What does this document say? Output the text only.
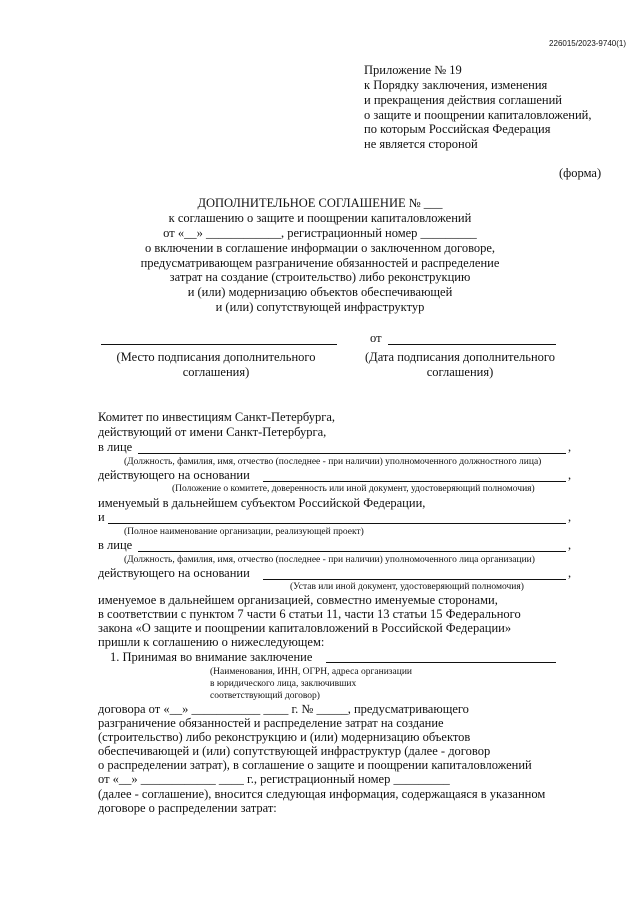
226015/2023-9740(1)
Приложение № 19
к Порядку заключения, изменения
и прекращения действия соглашений
о защите и поощрении капиталовложений,
по которым Российская Федерация
не является стороной
(форма)
ДОПОЛНИТЕЛЬНОЕ СОГЛАШЕНИЕ № ___
к соглашению о защите и поощрении капиталовложений
от «__» ____________, регистрационный номер _________
о включении в соглашение информации о заключенном договоре,
предусматривающем разграничение обязанностей и распределение
затрат на создание (строительство) либо реконструкцию
и (или) модернизацию объектов обеспечивающей
и (или) сопутствующей инфраструктур
от
(Место подписания дополнительного
соглашения)
(Дата подписания дополнительного
соглашения)
Комитет по инвестициям Санкт-Петербурга,
действующий от имени Санкт-Петербурга,
в лице	,
(Должность, фамилия, имя, отчество (последнее - при наличии) уполномоченного должностного лица)
действующего на основании	,
(Положение о комитете, доверенность или иной документ, удостоверяющий полномочия)
именуемый в дальнейшем субъектом Российской Федерации,
и	,
(Полное наименование организации, реализующей проект)
в лице	,
(Должность, фамилия, имя, отчество (последнее - при наличии) уполномоченного лица организации)
действующего на основании	,
(Устав или иной документ, удостоверяющий полномочия)
именуемое в дальнейшем организацией, совместно именуемые сторонами,
в соответствии с пунктом 7 части 6 статьи 11, части 13 статьи 15 Федерального
закона «О защите и поощрении капиталовложений в Российской Федерации»
пришли к соглашению о нижеследующем:
1. Принимая во внимание заключение
(Наименования, ИНН, ОГРН, адреса организации
в юридического лица, заключивших
соответствующий договор)
договора от «__» ___________ ____ г. № _____, предусматривающего
разграничение обязанностей и распределение затрат на создание
(строительство) либо реконструкцию и (или) модернизацию объектов
обеспечивающей и (или) сопутствующей инфраструктур (далее - договор
о распределении затрат), в соглашение о защите и поощрении капиталовложений
от «__» ____________ ____ г., регистрационный номер _________
(далее - соглашение), вносится следующая информация, содержащаяся в указанном
договоре о распределении затрат:
